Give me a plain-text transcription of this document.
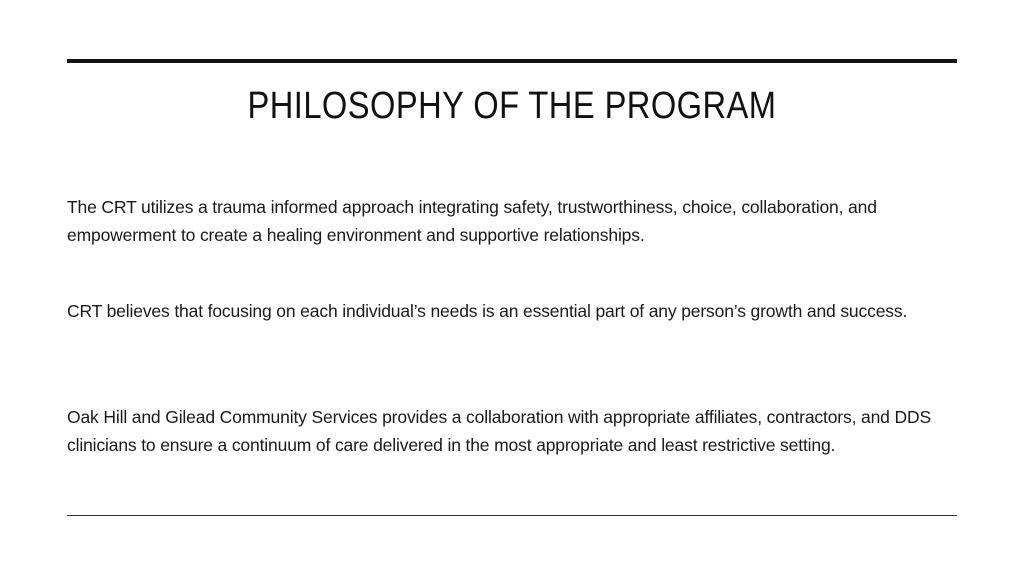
PHILOSOPHY OF THE PROGRAM

The CRT utilizes a trauma informed approach integrating safety, trustworthiness, choice, collaboration, and empowerment to create a healing environment and supportive relationships.

CRT believes that focusing on each individual’s needs is an essential part of any person’s growth and success.

Oak Hill and Gilead Community Services provides a collaboration with appropriate affiliates, contractors, and DDS clinicians to ensure a continuum of care delivered in the most appropriate and least restrictive setting.
